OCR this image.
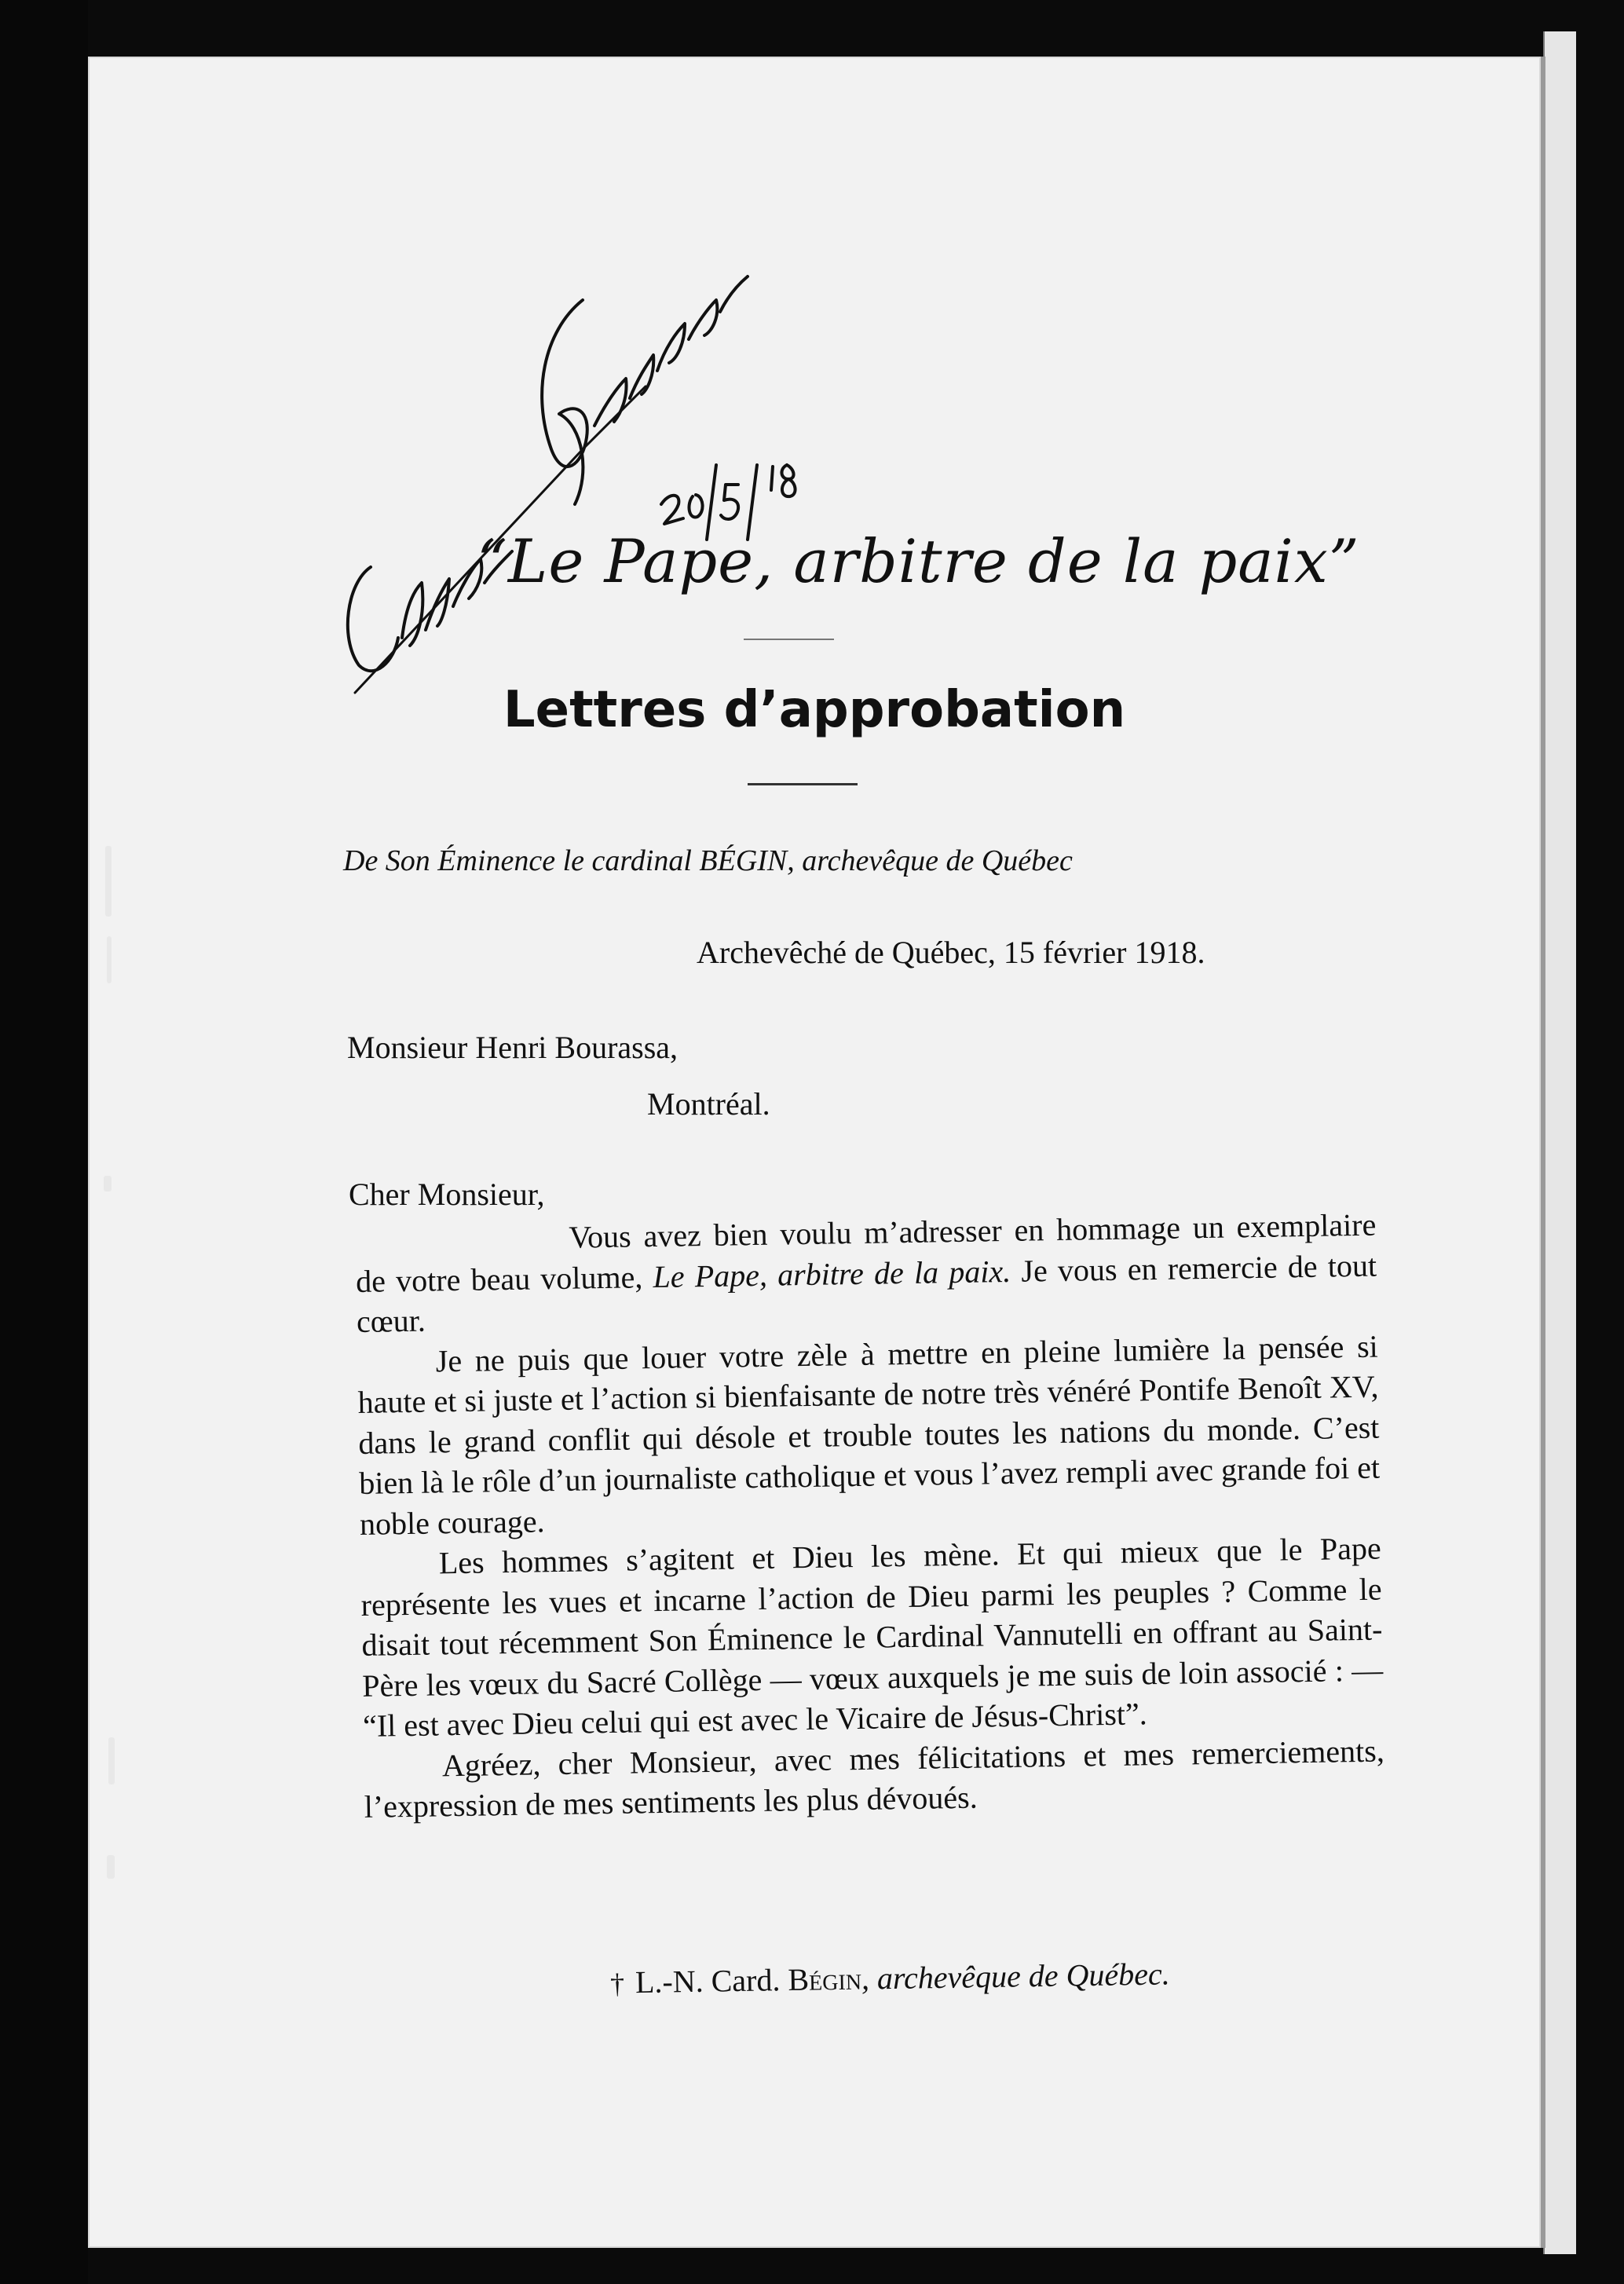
“Le Pape, arbitre de la paix”
Lettres d’approbation
De Son Éminence le cardinal BÉGIN, archevêque de Québec
Archevêché de Québec, 15 février 1918.
Monsieur Henri Bourassa,
Montréal.
Cher Monsieur,

Vous avez bien voulu m’adresser en hommage un exemplaire de votre beau volume, Le Pape, arbitre de la paix. Je vous en remercie de tout cœur.

Je ne puis que louer votre zèle à mettre en pleine lumière la pensée si haute et si juste et l’action si bienfaisante de notre très vénéré Pontife Benoît XV, dans le grand conflit qui désole et trouble toutes les nations du monde. C’est bien là le rôle d’un journaliste catholique et vous l’avez rempli avec grande foi et noble courage.

Les hommes s’agitent et Dieu les mène. Et qui mieux que le Pape représente les vues et incarne l’action de Dieu parmi les peuples ? Comme le disait tout récemment Son Éminence le Cardinal Vannutelli en offrant au Saint-Père les vœux du Sacré Collège — vœux auxquels je me suis de loin associé : — “Il est avec Dieu celui qui est avec le Vicaire de Jésus-Christ”.

Agréez, cher Monsieur, avec mes félicitations et mes remerciements, l’expression de mes sentiments les plus dévoués.

† L.-N. Card. Bégin, archevêque de Québec.
